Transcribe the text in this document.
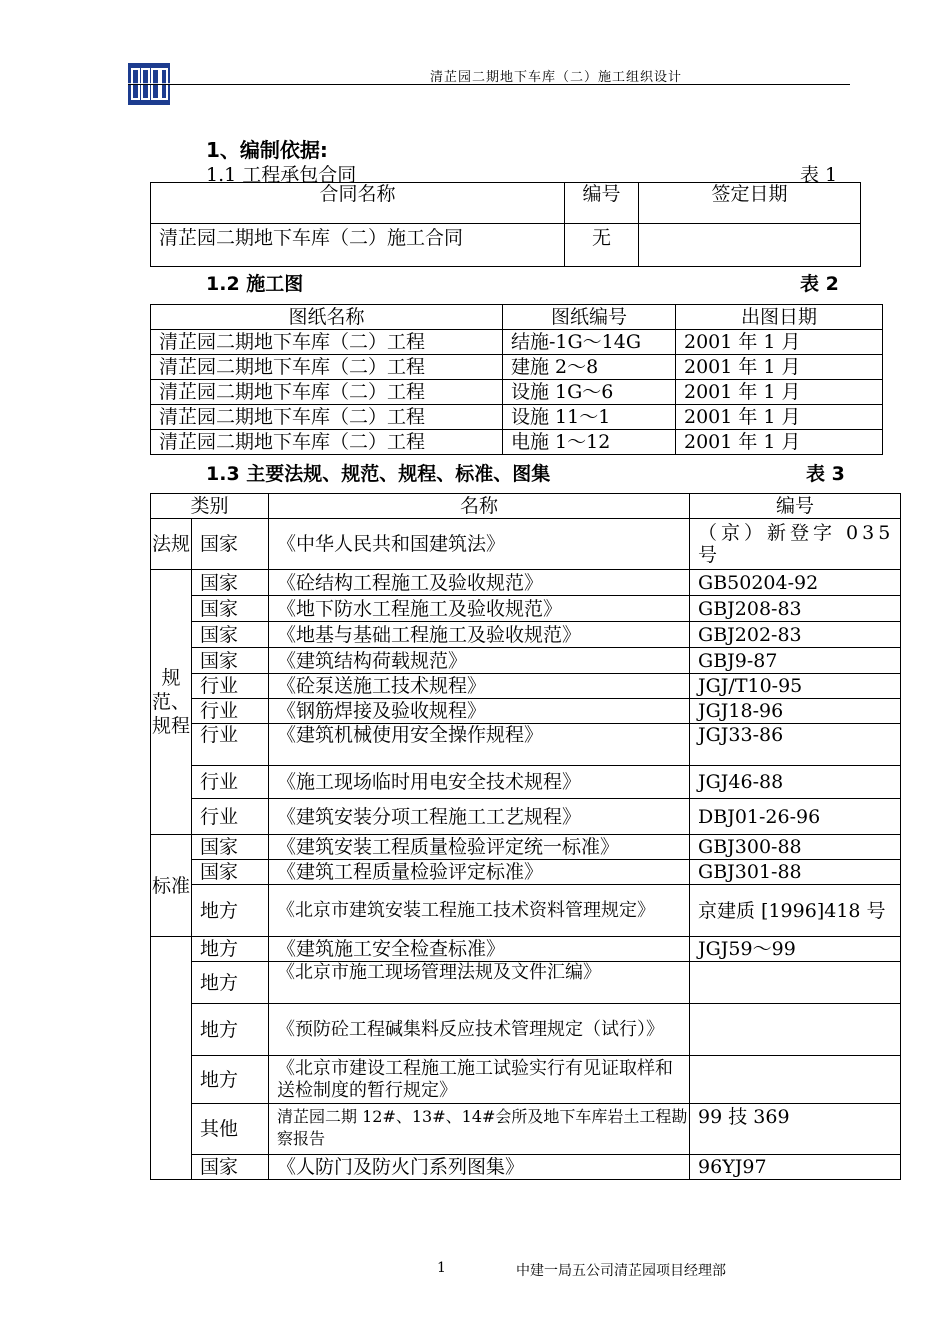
清芷园二期地下车库（二）施工组织设计
1、编制依据:
1.1 工程承包合同	表 1
合同名称	编号	签定日期
清芷园二期地下车库（二）施工合同	无	
1.2 施工图	表 2
图纸名称	图纸编号	出图日期
清芷园二期地下车库（二）工程	结施-1G～14G	2001 年 1 月
清芷园二期地下车库（二）工程	建施 2～8	2001 年 1 月
清芷园二期地下车库（二）工程	设施 1G～6	2001 年 1 月
清芷园二期地下车库（二）工程	设施 11～1	2001 年 1 月
清芷园二期地下车库（二）工程	电施 1～12	2001 年 1 月
1.3 主要法规、规范、规程、标准、图集	表 3
类别		名称	编号
法规	国家	《中华人民共和国建筑法》	（京）新登字 035 号
规范、规程	国家	《砼结构工程施工及验收规范》	GB50204-92
	国家	《地下防水工程施工及验收规范》	GBJ208-83
	国家	《地基与基础工程施工及验收规范》	GBJ202-83
	国家	《建筑结构荷载规范》	GBJ9-87
	行业	《砼泵送施工技术规程》	JGJ/T10-95
	行业	《钢筋焊接及验收规程》	JGJ18-96
	行业	《建筑机械使用安全操作规程》	JGJ33-86
	行业	《施工现场临时用电安全技术规程》	JGJ46-88
	行业	《建筑安装分项工程施工工艺规程》	DBJ01-26-96
标准	国家	《建筑安装工程质量检验评定统一标准》	GBJ300-88
	国家	《建筑工程质量检验评定标准》	GBJ301-88
	地方	《北京市建筑安装工程施工技术资料管理规定》	京建质 [1996]418 号
	地方	《建筑施工安全检查标准》	JGJ59～99
	地方	《北京市施工现场管理法规及文件汇编》	
	地方	《预防砼工程碱集料反应技术管理规定（试行）》	
	地方	《北京市建设工程施工施工试验实行有见证取样和送检制度的暂行规定》	
	其他	清芷园二期 12#、13#、14#会所及地下车库岩土工程勘察报告	99 技 369
	国家	《人防门及防火门系列图集》	96YJ97
1	中建一局五公司清芷园项目经理部
